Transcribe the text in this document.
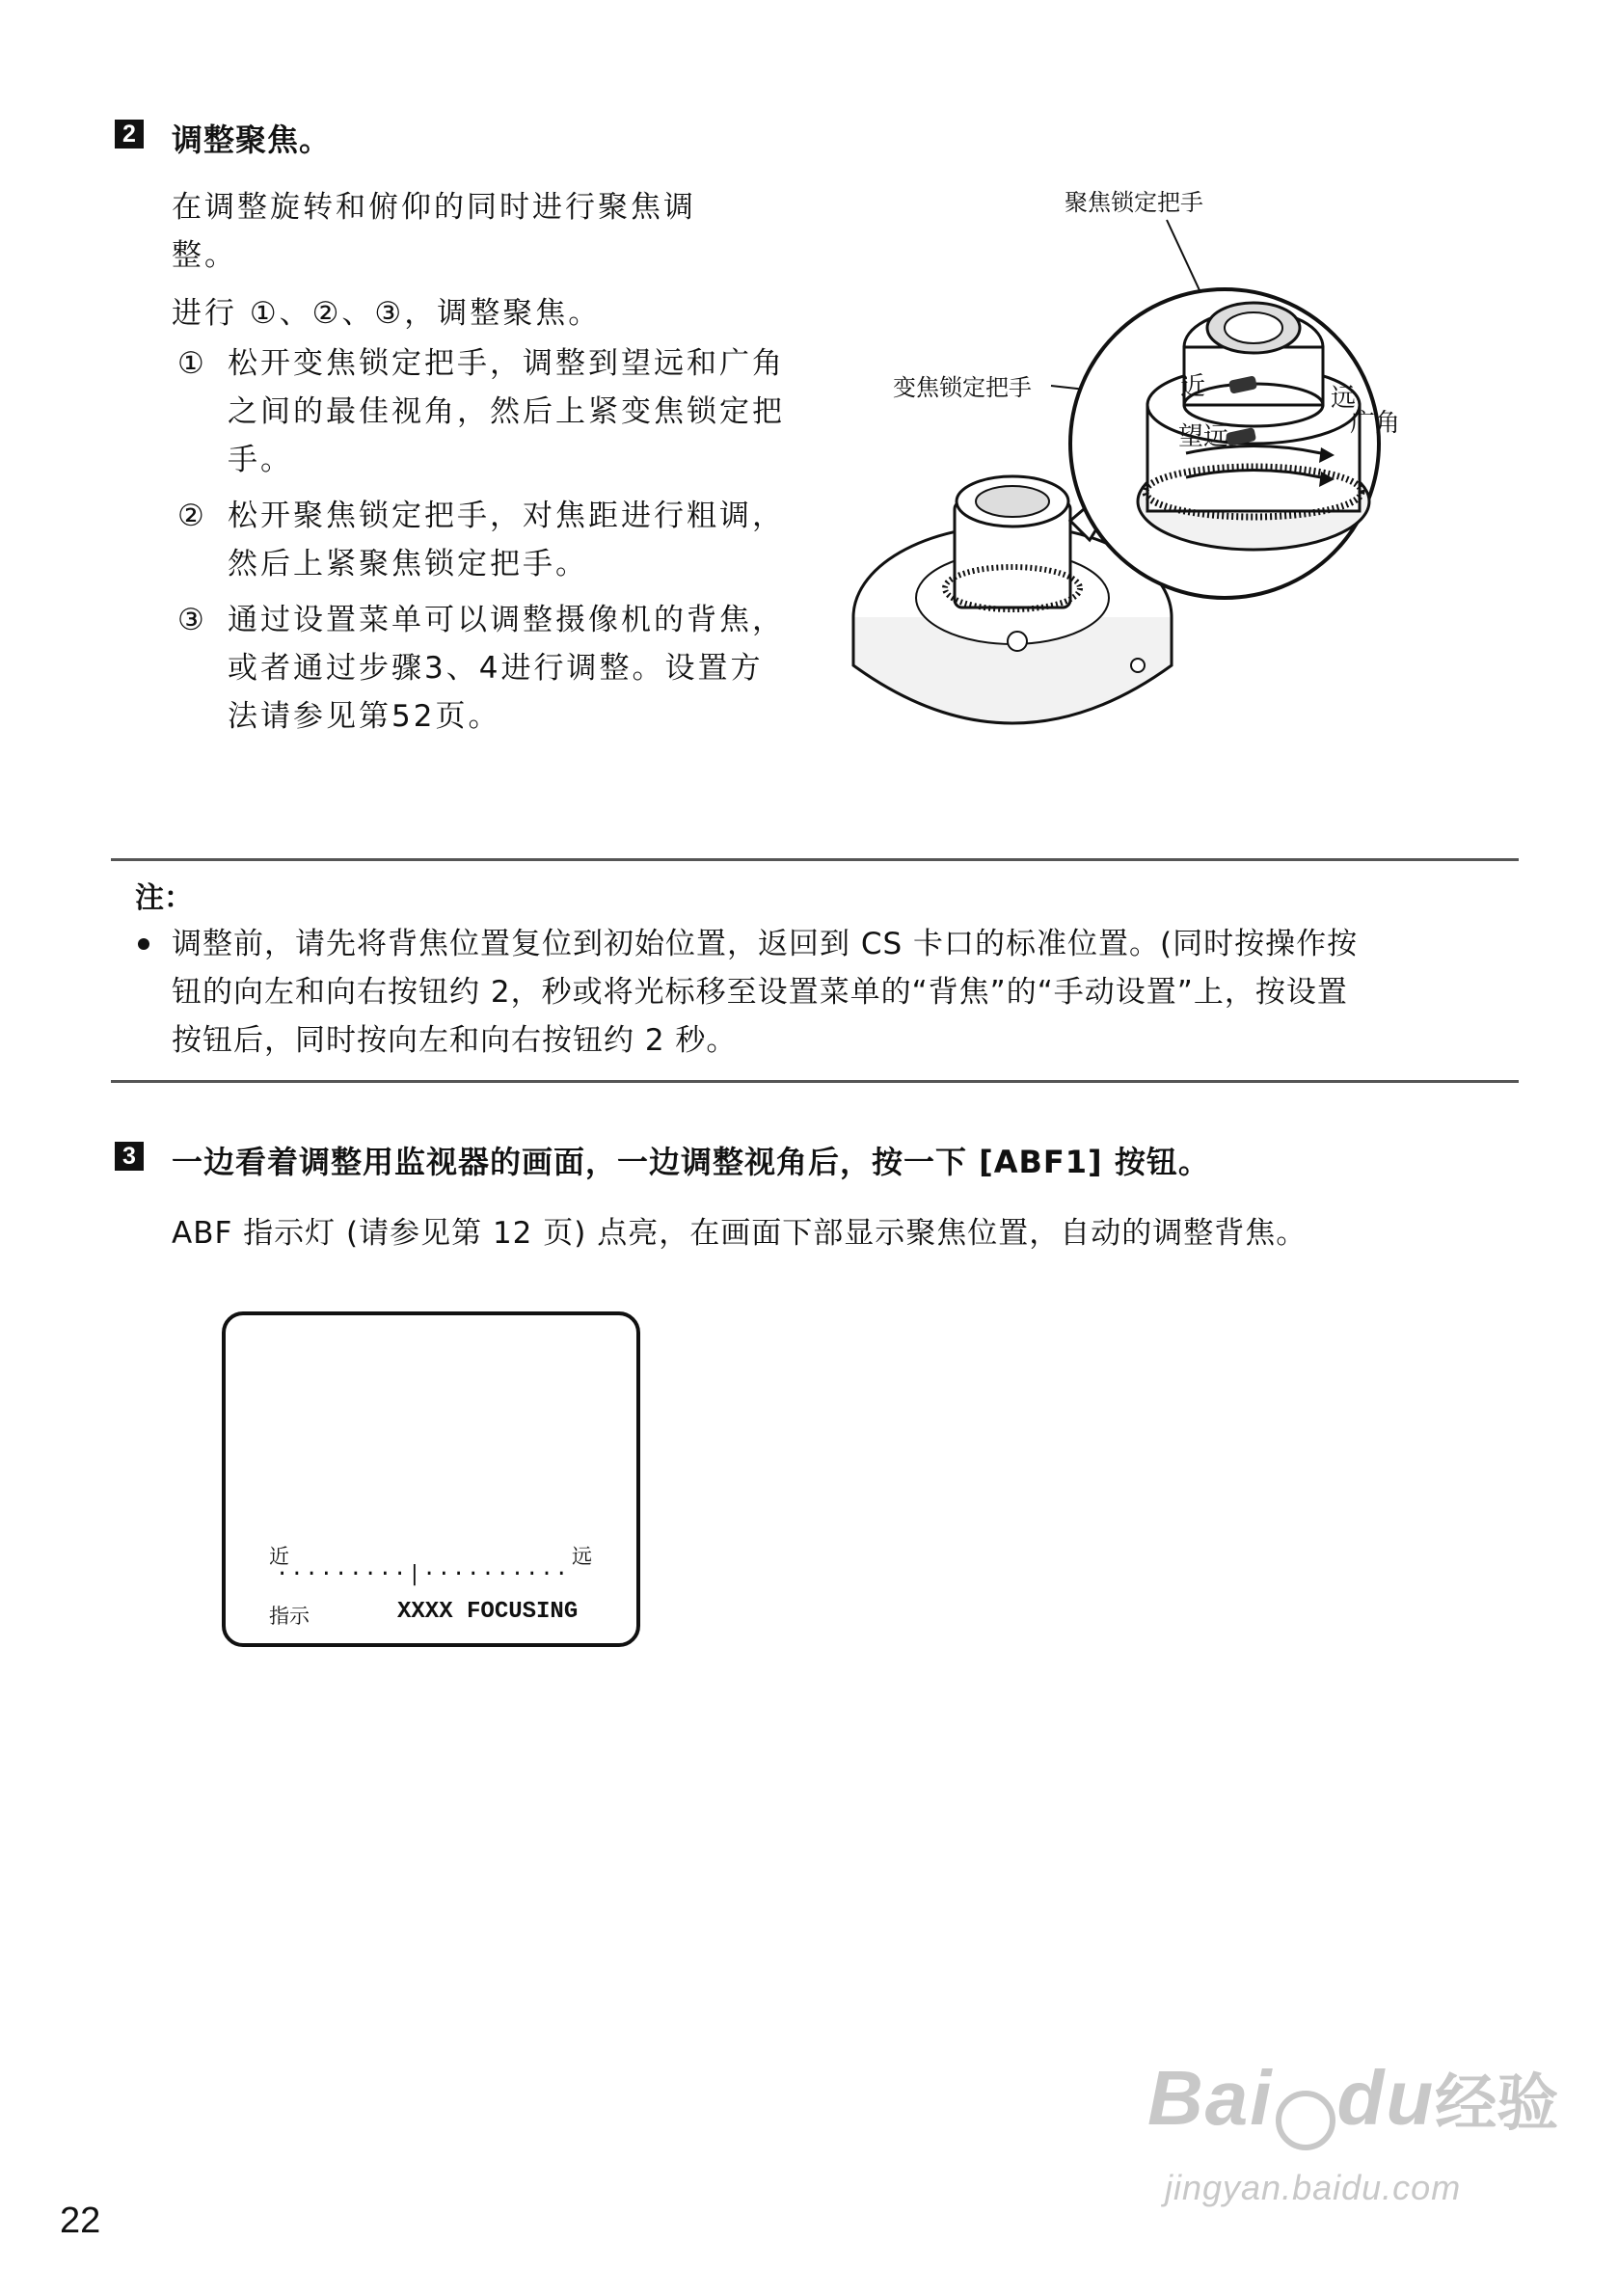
2 调整聚焦。
在调整旋转和俯仰的同时进行聚焦调
整。
进行 ①、②、③，调整聚焦。
① 松开变焦锁定把手，调整到望远和广角之间的最佳视角，然后上紧变焦锁定把手。
② 松开聚焦锁定把手，对焦距进行粗调，然后上紧聚焦锁定把手。
③ 通过设置菜单可以调整摄像机的背焦，或者通过步骤3、4进行调整。设置方法请参见第52页。
聚焦锁定把手
变焦锁定把手	近	远
望远	广角
注：
调整前，请先将背焦位置复位到初始位置，返回到 CS 卡口的标准位置。(同时按操作按
钮的向左和向右按钮约 2，秒或将光标移至设置菜单的“背焦”的“手动设置”上，按设置
按钮后，同时按向左和向右按钮约 2 秒。
3 一边看着调整用监视器的画面，一边调整视角后，按一下 [ABF1] 按钮。
ABF 指示灯 (请参见第 12 页) 点亮，在画面下部显示聚焦位置，自动的调整背焦。
近	远
·········|··········
指示	XXXX FOCUSING
22
Bai du经验
jingyan.baidu.com
